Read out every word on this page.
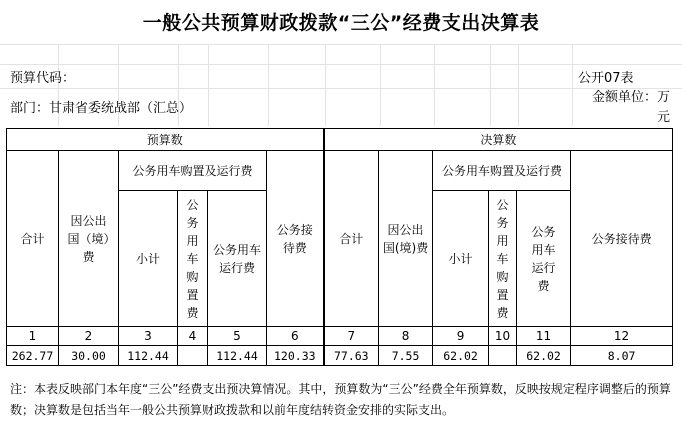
一般公共预算财政拨款“三公”经费支出决算表
预算代码：	公开07表
部门：甘肃省委统战部（汇总）
金额单位：万元
预算数						决算数					
合计	因公出国（境）费	公务用车购置及运行费			公务接待费	合计	因公出国(境)费	公务用车购置及运行费			公务接待费
		小计	公务用车购置费	公务用车运行费				小计	公务用车购置费	公务用车运行费	

1	2	3	4	5	6	7	8	9	10	11	12
262.77	30.00	112.44		112.44	120.33	77.63	7.55	62.02		62.02	8.07
注：本表反映部门本年度“三公”经费支出预决算情况。其中，预算数为“三公”经费全年预算数，反映按规定程序调整后的预算数；决算数是包括当年一般公共预算财政拨款和以前年度结转资金安排的实际支出。
